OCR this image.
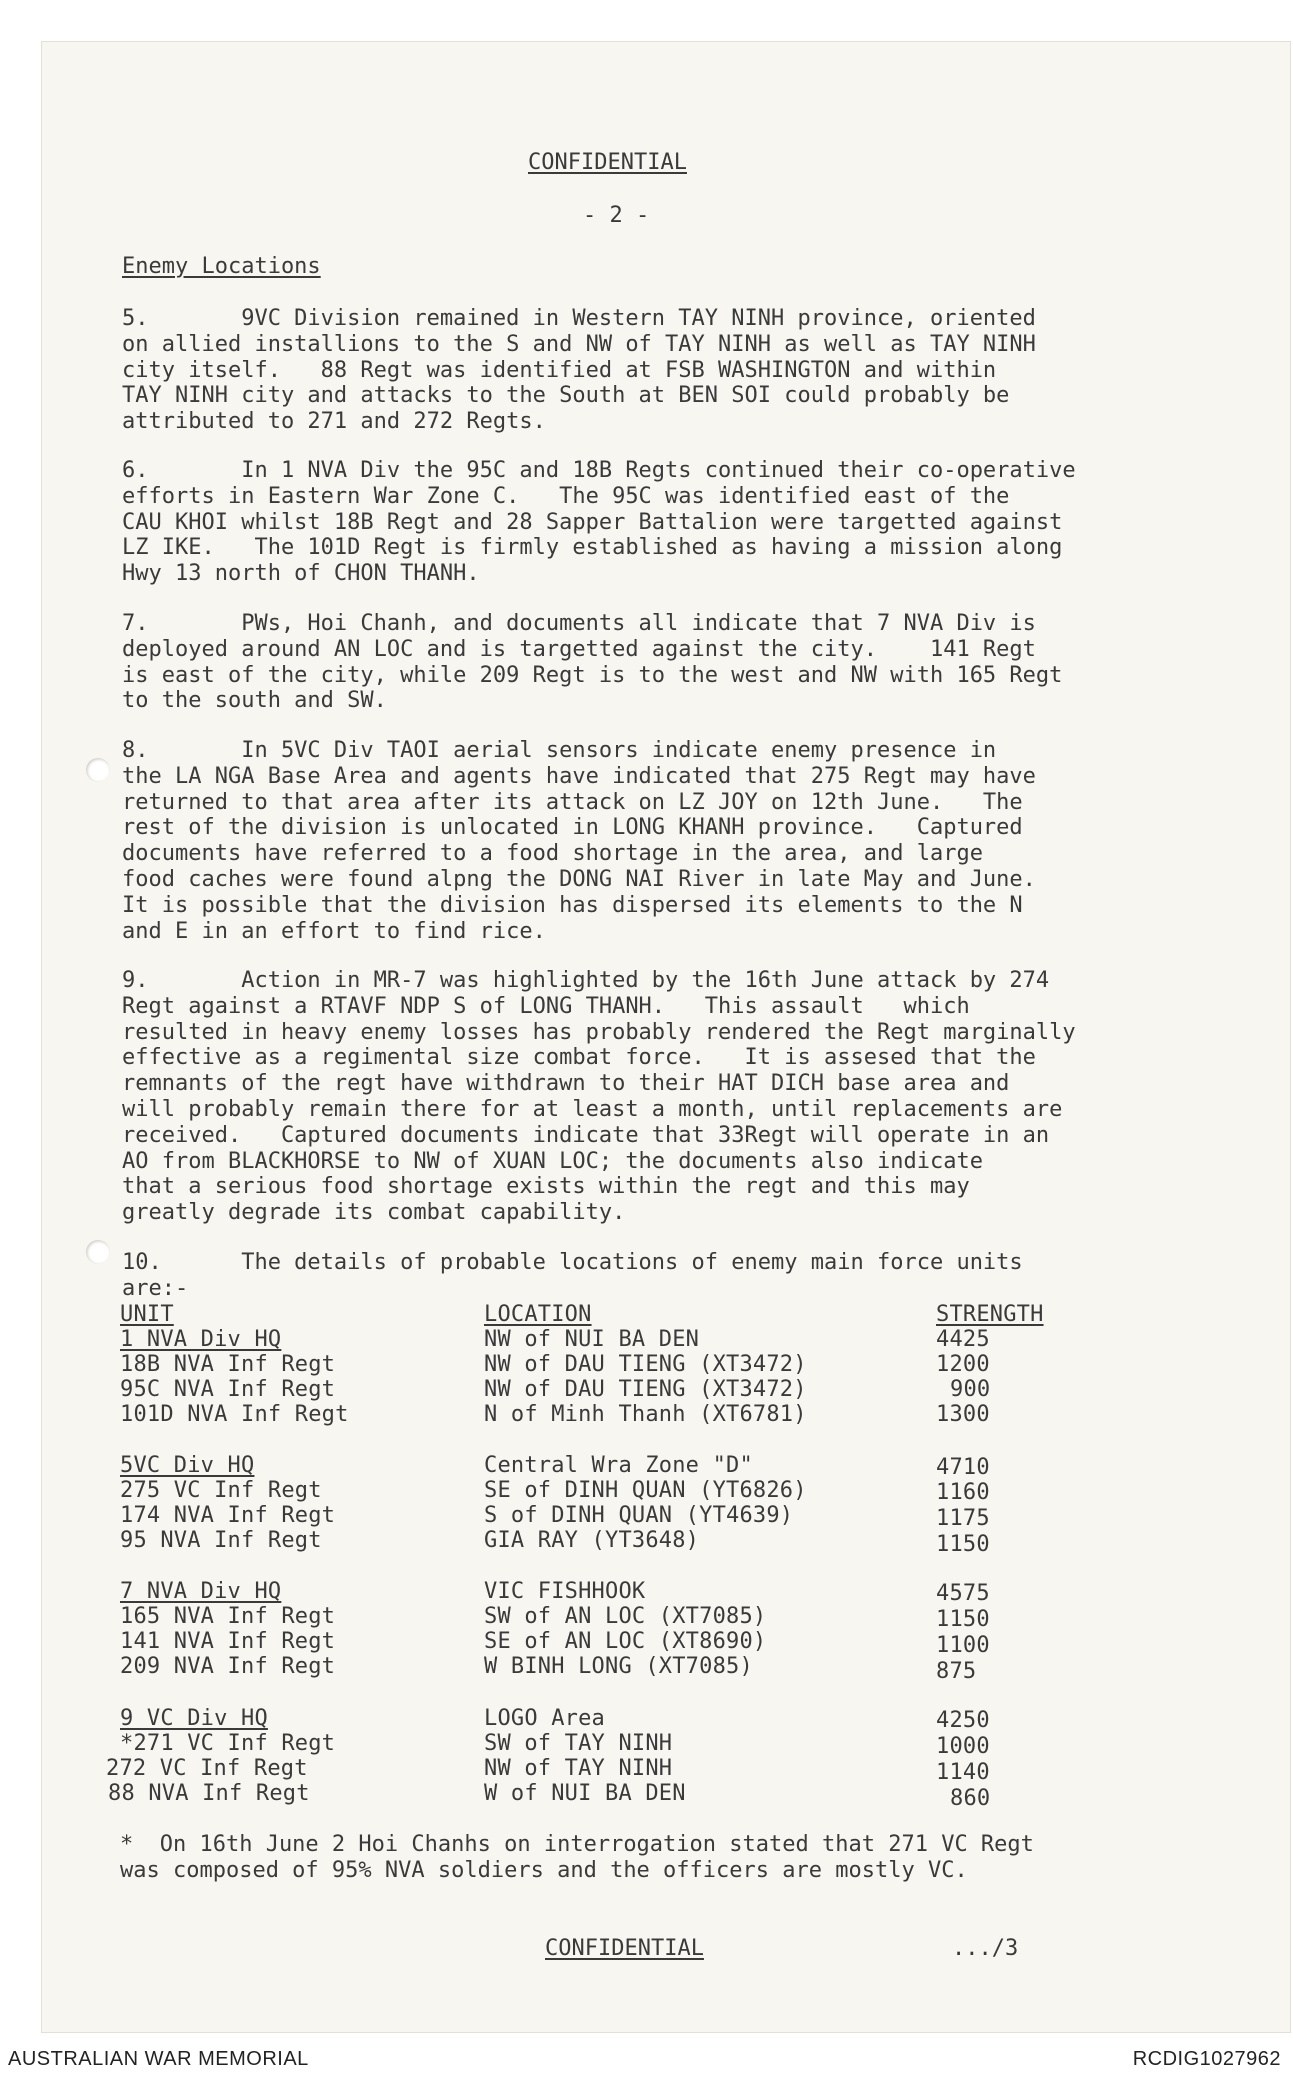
CONFIDENTIAL
- 2 -
Enemy Locations
5.       9VC Division remained in Western TAY NINH province, oriented
on allied installions to the S and NW of TAY NINH as well as TAY NINH
city itself.   88 Regt was identified at FSB WASHINGTON and within
TAY NINH city and attacks to the South at BEN SOI could probably be
attributed to 271 and 272 Regts.
6.       In 1 NVA Div the 95C and 18B Regts continued their co-operative
efforts in Eastern War Zone C.   The 95C was identified east of the
CAU KHOI whilst 18B Regt and 28 Sapper Battalion were targetted against
LZ IKE.   The 101D Regt is firmly established as having a mission along
Hwy 13 north of CHON THANH.
7.       PWs, Hoi Chanh, and documents all indicate that 7 NVA Div is
deployed around AN LOC and is targetted against the city.    141 Regt
is east of the city, while 209 Regt is to the west and NW with 165 Regt
to the south and SW.
8.       In 5VC Div TAOI aerial sensors indicate enemy presence in
the LA NGA Base Area and agents have indicated that 275 Regt may have
returned to that area after its attack on LZ JOY on 12th June.   The
rest of the division is unlocated in LONG KHANH province.   Captured
documents have referred to a food shortage in the area, and large
food caches were found alpng the DONG NAI River in late May and June.
It is possible that the division has dispersed its elements to the N
and E in an effort to find rice.
9.       Action in MR-7 was highlighted by the 16th June attack by 274
Regt against a RTAVF NDP S of LONG THANH.   This assault   which
resulted in heavy enemy losses has probably rendered the Regt marginally
effective as a regimental size combat force.   It is assesed that the
remnants of the regt have withdrawn to their HAT DICH base area and
will probably remain there for at least a month, until replacements are
received.   Captured documents indicate that 33Regt will operate in an
AO from BLACKHORSE to NW of XUAN LOC; the documents also indicate
that a serious food shortage exists within the regt and this may
greatly degrade its combat capability.
10.      The details of probable locations of enemy main force units
are:-
UNIT	LOCATION	STRENGTH
1 NVA Div HQ	NW of NUI BA DEN	4425
18B NVA Inf Regt	NW of DAU TIENG (XT3472)	1200
95C NVA Inf Regt	NW of DAU TIENG (XT3472)	900
101D NVA Inf Regt	N of Minh Thanh (XT6781)	1300
5VC Div HQ	Central Wra Zone "D"	4710
275 VC Inf Regt	SE of DINH QUAN (YT6826)	1160
174 NVA Inf Regt	S of DINH QUAN (YT4639)	1175
95 NVA Inf Regt	GIA RAY (YT3648)	1150
7 NVA Div HQ	VIC FISHHOOK	4575
165 NVA Inf Regt	SW of AN LOC (XT7085)	1150
141 NVA Inf Regt	SE of AN LOC (XT8690)	1100
209 NVA Inf Regt	W BINH LONG (XT7085)	875
9 VC Div HQ	LOGO Area	4250
*271 VC Inf Regt	SW of TAY NINH	1000
272 VC Inf Regt	NW of TAY NINH	1140
88 NVA Inf Regt	W of NUI BA DEN	860
*  On 16th June 2 Hoi Chanhs on interrogation stated that 271 VC Regt
was composed of 95% NVA soldiers and the officers are mostly VC.
CONFIDENTIAL	.../3
AUSTRALIAN WAR MEMORIAL	RCDIG1027962
